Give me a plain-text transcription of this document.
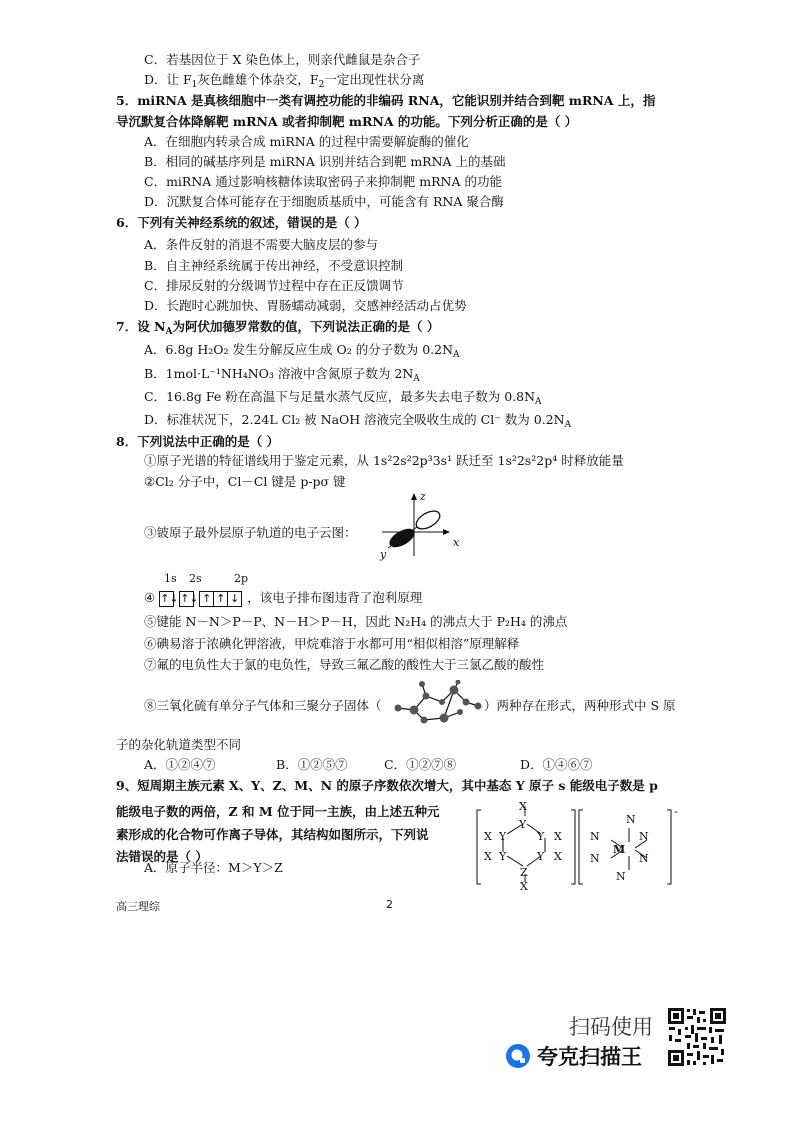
C．若基因位于 X 染色体上，则亲代雌鼠是杂合子
D．让 $F_1$灰色雌雄个体杂交，$F_2$一定出现性状分离
5．miRNA 是真核细胞中一类有调控功能的非编码 RNA，它能识别并结合到靶 mRNA 上，指
导沉默复合体降解靶 mRNA 或者抑制靶 mRNA 的功能。下列分析正确的是（ ）
A．在细胞内转录合成 miRNA 的过程中需要解旋酶的催化
B．相同的碱基序列是 miRNA 识别并结合到靶 mRNA 上的基础
C．miRNA 通过影响核糖体读取密码子来抑制靶 mRNA 的功能
D．沉默复合体可能存在于细胞质基质中，可能含有 RNA 聚合酶
6．下列有关神经系统的叙述，错误的是（ ）
A．条件反射的消退不需要大脑皮层的参与
B．自主神经系统属于传出神经，不受意识控制
C．排尿反射的分级调节过程中存在正反馈调节
D．长跑时心跳加快、胃肠蠕动减弱，交感神经活动占优势
7．设 $N_A$为阿伏加德罗常数的值，下列说法正确的是（ ）
A．6.8g H₂O₂ 发生分解反应生成 O₂ 的分子数为 $0.2N_A$
B．1mol·L⁻¹NH₄NO₃ 溶液中含氮原子数为 $2N_A$
C．16.8g Fe 粉在高温下与足量水蒸气反应，最多失去电子数为 $0.8N_A$
D．标准状况下，2.24L Cl₂ 被 NaOH 溶液完全吸收生成的 Cl⁻ 数为 $0.2N_A$
8．下列说法中正确的是（ ）
①原子光谱的特征谱线用于鉴定元素，从 1s²2s²2p³3s¹ 跃迁至 1s²2s²2p⁴ 时释放能量
②Cl₂ 分子中，Cl－Cl 键是 p-pσ 键
③铍原子最外层原子轨道的电子云图：
z
x
y
1s 2s	2p
④ ↑↓ ↑↓ ↑ ↑ ↓ ，该电子排布图违背了泡利原理
⑤键能 N－N＞P－P、N－H＞P－H，因此 N₂H₄ 的沸点大于 P₂H₄ 的沸点
⑥碘易溶于浓碘化钾溶液，甲烷难溶于水都可用“相似相溶”原理解释
⑦氟的电负性大于氯的电负性，导致三氟乙酸的酸性大于三氯乙酸的酸性
⑧三氧化硫有单分子气体和三聚分子固体（	）两种存在形式，两种形式中 S 原
子的杂化轨道类型不同
A．①②④⑦	B．①②⑤⑦	C．①②⑦⑧	D．①④⑥⑦
9、短周期主族元素 X、Y、Z、M、N 的原子序数依次增大，其中基态 Y 原子 s 能级电子数是 p
能级电子数的两倍，Z 和 M 位于同一主族，由上述五种元
素形成的化合物可作离子导体，其结构如图所示，下列说
法错误的是（ ）
A．原子半径：M＞Y＞Z
X
Y
X Y	Y X
X Y	Y X
Z
X
N
N	N
M
N	N
N
-
高三理综	2
扫码使用
夸克扫描王
